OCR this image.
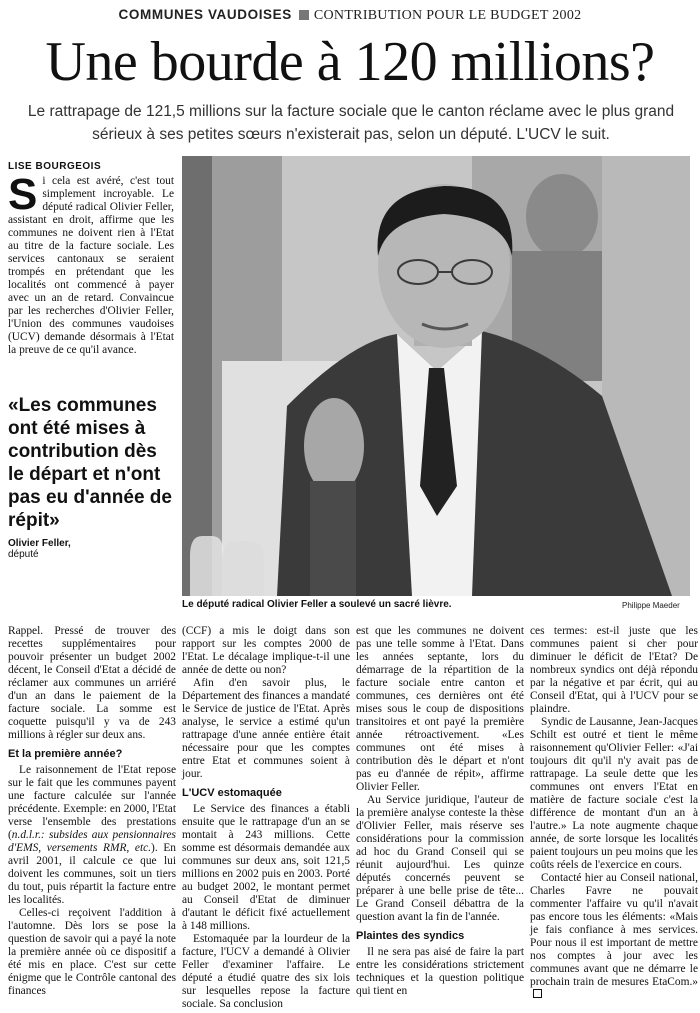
COMMUNES VAUDOISES CONTRIBUTION POUR LE BUDGET 2002
Une bourde à 120 millions?
Le rattrapage de 121,5 millions sur la facture sociale que le canton réclame avec le plus grand sérieux à ses petites sœurs n'existerait pas, selon un député. L'UCV le suit.
LISE BOURGEOIS

Si cela est avéré, c'est tout simplement incroyable. Le député radical Olivier Feller, assistant en droit, affirme que les communes ne doivent rien à l'Etat au titre de la facture sociale. Les services cantonaux se seraient trompés en prétendant que les localités ont commencé à payer avec un an de retard. Convaincue par les recherches d'Olivier Feller, l'Union des communes vaudoises (UCV) demande désormais à l'Etat la preuve de ce qu'il avance.

«Les communes ont été mises à contribution dès le départ et n'ont pas eu d'année de répit»
Olivier Feller,
député
Le député radical Olivier Feller a soulevé un sacré lièvre.	Philippe Maeder

Rappel. Pressé de trouver des recettes supplémentaires pour pouvoir présenter un budget 2002 décent, le Conseil d'Etat a décidé de réclamer aux communes un arriéré d'un an dans le paiement de la facture sociale. La somme est coquette puisqu'il y va de 243 millions à régler sur deux ans.

Et la première année?

Le raisonnement de l'Etat repose sur le fait que les communes payent une facture calculée sur l'année précédente. Exemple: en 2000, l'Etat verse l'ensemble des prestations (n.d.l.r.: subsides aux pensionnaires d'EMS, versements RMR, etc.). En avril 2001, il calcule ce que lui doivent les communes, soit un tiers du tout, puis répartit la facture entre les localités.

Celles-ci reçoivent l'addition à l'automne. Dès lors se pose la question de savoir qui a payé la note la première année où ce dispositif a été mis en place. C'est sur cette énigme que le Contrôle cantonal des finances

(CCF) a mis le doigt dans son rapport sur les comptes 2000 de l'Etat. Le décalage implique-t-il une année de dette ou non?

Afin d'en savoir plus, le Département des finances a mandaté le Service de justice de l'Etat. Après analyse, le service a estimé qu'un rattrapage d'une année entière était nécessaire pour que les comptes entre Etat et communes soient à jour.

L'UCV estomaquée

Le Service des finances a établi ensuite que le rattrapage d'un an se montait à 243 millions. Cette somme est désormais demandée aux communes sur deux ans, soit 121,5 millions en 2002 puis en 2003. Porté au budget 2002, le montant permet au Conseil d'Etat de diminuer d'autant le déficit fixé actuellement à 148 millions.

Estomaquée par la lourdeur de la facture, l'UCV a demandé à Olivier Feller d'examiner l'affaire. Le député a étudié quatre des six lois sur lesquelles repose la facture sociale. Sa conclusion

est que les communes ne doivent pas une telle somme à l'Etat. Dans les années septante, lors du démarrage de la répartition de la facture sociale entre canton et communes, ces dernières ont été mises sous le coup de dispositions transitoires et ont payé la première année rétroactivement. «Les communes ont été mises à contribution dès le départ et n'ont pas eu d'année de répit», affirme Olivier Feller.

Au Service juridique, l'auteur de la première analyse conteste la thèse d'Olivier Feller, mais réserve ses considérations pour la commission ad hoc du Grand Conseil qui se réunit aujourd'hui. Les quinze députés concernés peuvent se préparer à une belle prise de tête... Le Grand Conseil débattra de la question avant la fin de l'année.

Plaintes des syndics

Il ne sera pas aisé de faire la part entre les considérations strictement techniques et la question politique qui tient en

ces termes: est-il juste que les communes paient si cher pour diminuer le déficit de l'Etat? De nombreux syndics ont déjà répondu par la négative et par écrit, qui au Conseil d'Etat, qui à l'UCV pour se plaindre.

Syndic de Lausanne, Jean-Jacques Schilt est outré et tient le même raisonnement qu'Olivier Feller: «J'ai toujours dit qu'il n'y avait pas de rattrapage. La seule dette que les communes ont envers l'Etat en matière de facture sociale c'est la différence de montant d'un an à l'autre.» La note augmente chaque année, de sorte lorsque les localités paient toujours un peu moins que les coûts réels de l'exercice en cours.

Contacté hier au Conseil national, Charles Favre ne pouvait commenter l'affaire vu qu'il n'avait pas encore tous les éléments: «Mais je fais confiance à mes services. Pour nous il est important de mettre nos comptes à jour avec les communes avant que ne démarre le prochain train de mesures EtaCom.»
